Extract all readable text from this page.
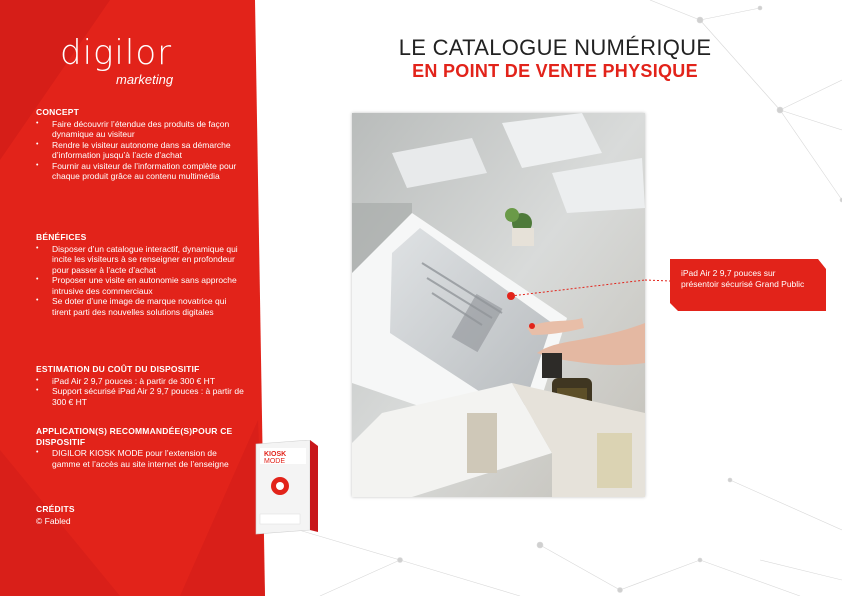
digilor
marketing
CONCEPT
• Faire découvrir l’étendue des produits de façon dynamique au visiteur
• Rendre le visiteur autonome dans sa démarche d’information jusqu’à l’acte d’achat
• Fournir au visiteur de l’information complète pour chaque produit grâce au contenu multimédia
BÉNÉFICES
• Disposer d’un catalogue interactif, dynamique qui incite les visiteurs à se renseigner en profondeur pour passer à l’acte d’achat
• Proposer une visite en autonomie sans approche intrusive des commerciaux
• Se doter d’une image de marque novatrice qui tirent parti des nouvelles solutions digitales
ESTIMATION DU COÛT DU DISPOSITIF
• iPad Air 2 9,7 pouces : à partir de 300 € HT
• Support sécurisé iPad Air 2 9,7 pouces : à partir de 300 € HT
APPLICATION(S) RECOMMANDÉE(S)POUR CE DISPOSITIF
• DIGILOR KIOSK MODE pour l’extension de gamme et l’accès au site internet de l’enseigne
CRÉDITS

© Fabled

KIOSK
MODE
LE CATALOGUE NUMÉRIQUE
EN POINT DE VENTE PHYSIQUE
iPad Air 2 9,7 pouces sur présentoir sécurisé Grand Public
